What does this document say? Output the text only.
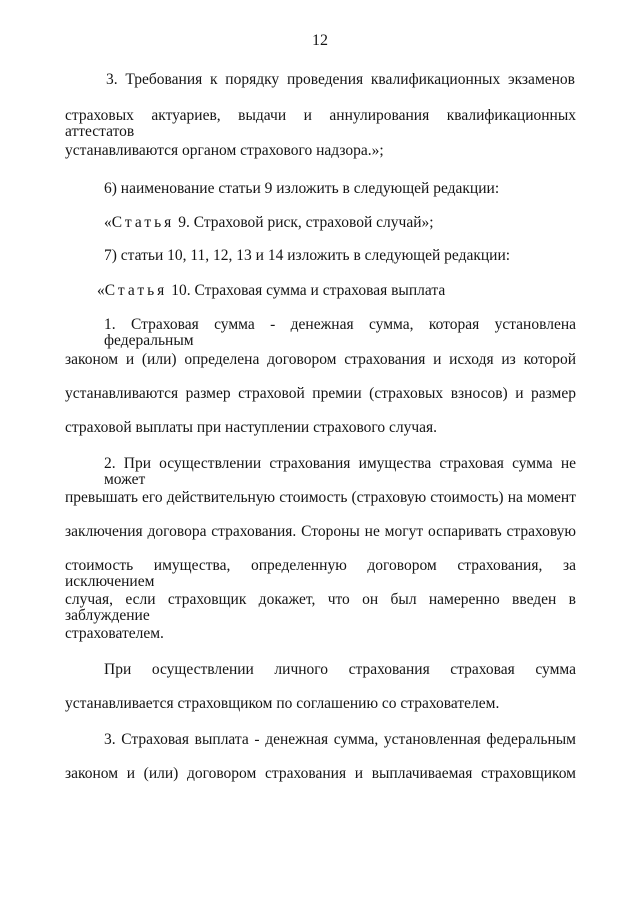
12
3. Требования к порядку проведения квалификационных экзаменов
страховых актуариев, выдачи и аннулирования квалификационных аттестатов
устанавливаются органом страхового надзора.»;
6) наименование статьи 9 изложить в следующей редакции:
«Статья 9. Страховой риск, страховой случай»;
7) статьи 10, 11, 12, 13 и 14 изложить в следующей редакции:
«Статья 10. Страховая сумма и страховая выплата
1. Страховая сумма - денежная сумма, которая установлена федеральным
законом и (или) определена договором страхования и исходя из которой
устанавливаются размер страховой премии (страховых взносов) и размер
страховой выплаты при наступлении страхового случая.
2. При осуществлении страхования имущества страховая сумма не может
превышать его действительную стоимость (страховую стоимость) на момент
заключения договора страхования. Стороны не могут оспаривать страховую
стоимость имущества, определенную договором страхования, за исключением
случая, если страховщик докажет, что он был намеренно введен в заблуждение
страхователем.
При осуществлении личного страхования страховая сумма
устанавливается страховщиком по соглашению со страхователем.
3. Страховая выплата - денежная сумма, установленная федеральным
законом и (или) договором страхования и выплачиваемая страховщиком
